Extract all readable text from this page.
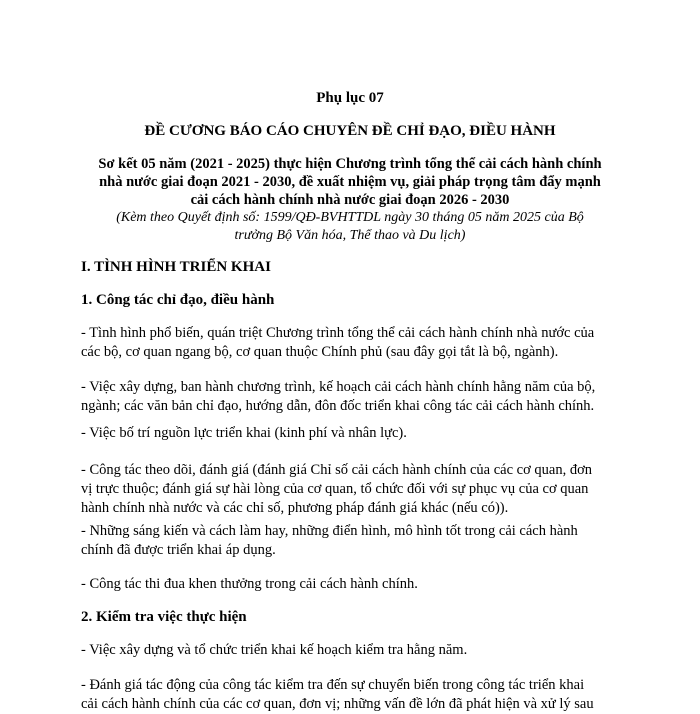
Phụ lục 07
ĐỀ CƯƠNG BÁO CÁO CHUYÊN ĐỀ CHỈ ĐẠO, ĐIỀU HÀNH
Sơ kết 05 năm (2021 - 2025) thực hiện Chương trình tổng thể cải cách hành chính
nhà nước giai đoạn 2021 - 2030, đề xuất nhiệm vụ, giải pháp trọng tâm đẩy mạnh
cải cách hành chính nhà nước giai đoạn 2026 - 2030
(Kèm theo Quyết định số: 1599/QĐ-BVHTTDL ngày 30 tháng 05 năm 2025 của Bộ
trưởng Bộ Văn hóa, Thể thao và Du lịch)
I. TÌNH HÌNH TRIỂN KHAI
1. Công tác chỉ đạo, điều hành
- Tình hình phổ biến, quán triệt Chương trình tổng thể cải cách hành chính nhà nước của
các bộ, cơ quan ngang bộ, cơ quan thuộc Chính phủ (sau đây gọi tắt là bộ, ngành).
- Việc xây dựng, ban hành chương trình, kế hoạch cải cách hành chính hằng năm của bộ,
ngành; các văn bản chỉ đạo, hướng dẫn, đôn đốc triển khai công tác cải cách hành chính.
- Việc bố trí nguồn lực triển khai (kinh phí và nhân lực).
- Công tác theo dõi, đánh giá (đánh giá Chỉ số cải cách hành chính của các cơ quan, đơn
vị trực thuộc; đánh giá sự hài lòng của cơ quan, tổ chức đối với sự phục vụ của cơ quan
hành chính nhà nước và các chỉ số, phương pháp đánh giá khác (nếu có)).
- Những sáng kiến và cách làm hay, những điển hình, mô hình tốt trong cải cách hành
chính đã được triển khai áp dụng.
- Công tác thi đua khen thưởng trong cải cách hành chính.
2. Kiểm tra việc thực hiện
- Việc xây dựng và tổ chức triển khai kế hoạch kiểm tra hằng năm.
- Đánh giá tác động của công tác kiểm tra đến sự chuyển biến trong công tác triển khai
cải cách hành chính của các cơ quan, đơn vị; những vấn đề lớn đã phát hiện và xử lý sau
